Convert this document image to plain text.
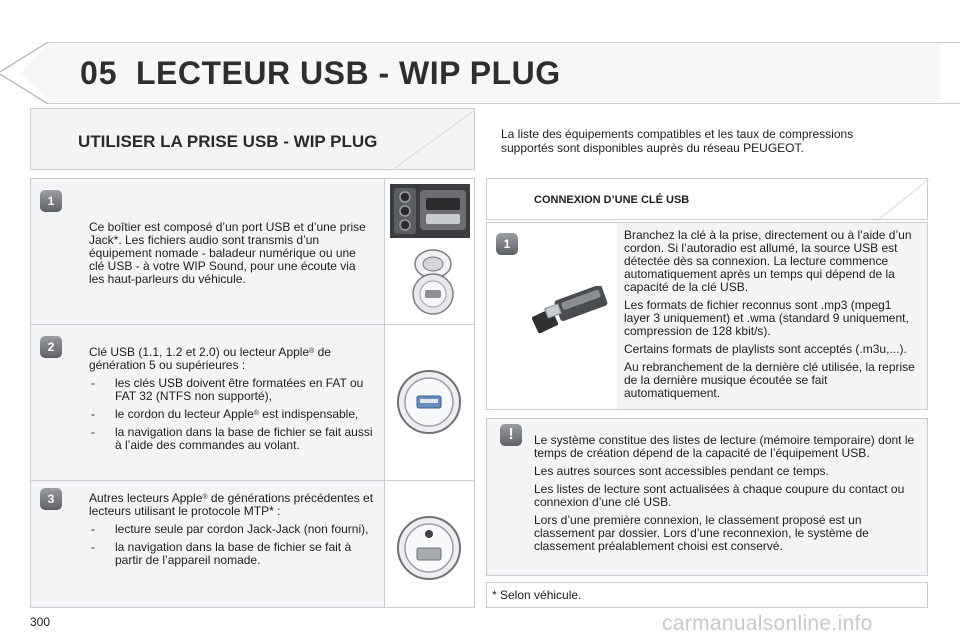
05 LECTEUR USB - WIP PLUG
UTILISER LA PRISE USB - WIP PLUG	La liste des équipements compatibles et les taux de compressions supportés sont disponibles auprès du réseau PEUGEOT.
1
Ce boîtier est composé d’un port USB et d’une prise Jack*. Les fichiers audio sont transmis d’un équipement nomade - baladeur numérique ou une clé USB - à votre WIP Sound, pour une écoute via les haut-parleurs du véhicule.
2	Clé USB (1.1, 1.2 et 2.0) ou lecteur Apple® de génération 5 ou supérieures :

- les clés USB doivent être formatées en FAT ou FAT 32 (NTFS non supporté),
- le cordon du lecteur Apple® est indispensable,
- la navigation dans la base de fichier se fait aussi à l’aide des commandes au volant.
3	Autres lecteurs Apple® de générations précédentes et lecteurs utilisant le protocole MTP* :

- lecture seule par cordon Jack-Jack (non fourni),
- la navigation dans la base de fichier se fait à partir de l’appareil nomade.
CONNEXION D’UNE CLÉ USB
1

Branchez la clé à la prise, directement ou à l’aide d’un cordon. Si l’autoradio est allumé, la source USB est détectée dès sa connexion. La lecture commence automatiquement après un temps qui dépend de la capacité de la clé USB.

Les formats de fichier reconnus sont .mp3 (mpeg1 layer 3 uniquement) et .wma (standard 9 uniquement, compression de 128 kbit/s).

Certains formats de playlists sont acceptés (.m3u,...).

Au rebranchement de la dernière clé utilisée, la reprise de la dernière musique écoutée se fait automatiquement.

!	Le système constitue des listes de lecture (mémoire temporaire) dont le temps de création dépend de la capacité de l’équipement USB.

Les autres sources sont accessibles pendant ce temps.

Les listes de lecture sont actualisées à chaque coupure du contact ou connexion d’une clé USB.

Lors d’une première connexion, le classement proposé est un classement par dossier. Lors d’une reconnexion, le système de classement préalablement choisi est conservé.

* Selon véhicule.
300	carmanualsonline.info
